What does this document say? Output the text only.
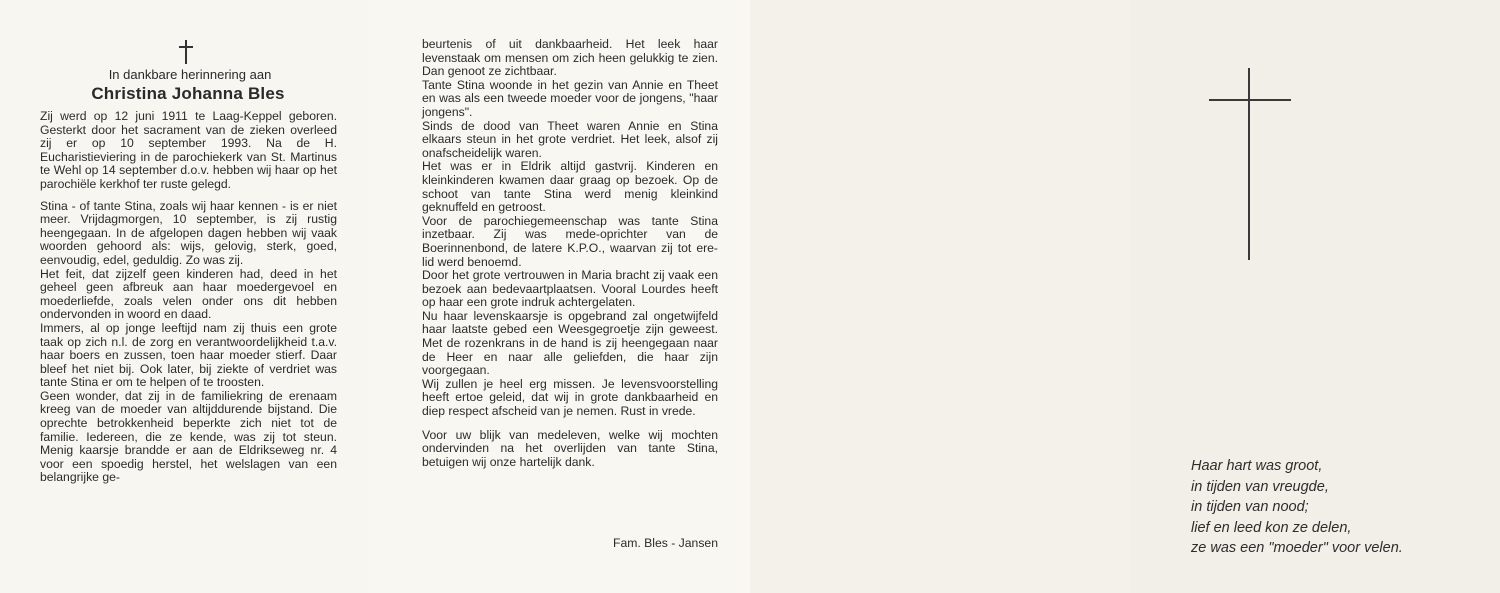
In dankbare herinnering aan
Christina Johanna Bles

Zij werd op 12 juni 1911 te Laag-Keppel geboren. Gesterkt door het sacrament van de zieken overleed zij er op 10 september 1993. Na de H. Eucharistieviering in de parochiekerk van St. Martinus te Wehl op 14 september d.o.v. hebben wij haar op het parochiële kerkhof ter ruste gelegd.

Stina - of tante Stina, zoals wij haar kennen - is er niet meer. Vrijdagmorgen, 10 september, is zij rustig heengegaan. In de afgelopen dagen hebben wij vaak woorden gehoord als: wijs, gelovig, sterk, goed, eenvoudig, edel, geduldig. Zo was zij.

Het feit, dat zijzelf geen kinderen had, deed in het geheel geen afbreuk aan haar moedergevoel en moederliefde, zoals velen onder ons dit hebben ondervonden in woord en daad.

Immers, al op jonge leeftijd nam zij thuis een grote taak op zich n.l. de zorg en verantwoordelijkheid t.a.v. haar boers en zussen, toen haar moeder stierf. Daar bleef het niet bij. Ook later, bij ziekte of verdriet was tante Stina er om te helpen of te troosten.

Geen wonder, dat zij in de familiekring de erenaam kreeg van de moeder van altijddurende bijstand. Die oprechte betrokkenheid beperkte zich niet tot de familie. Iedereen, die ze kende, was zij tot steun. Menig kaarsje brandde er aan de Eldrikseweg nr. 4 voor een spoedig herstel, het welslagen van een belangrijke ge-

beurtenis of uit dankbaarheid. Het leek haar levenstaak om mensen om zich heen gelukkig te zien. Dan genoot ze zichtbaar.

Tante Stina woonde in het gezin van Annie en Theet en was als een tweede moeder voor de jongens, "haar jongens".

Sinds de dood van Theet waren Annie en Stina elkaars steun in het grote verdriet. Het leek, alsof zij onafscheidelijk waren.

Het was er in Eldrik altijd gastvrij. Kinderen en kleinkinderen kwamen daar graag op bezoek. Op de schoot van tante Stina werd menig kleinkind geknuffeld en getroost.

Voor de parochiegemeenschap was tante Stina inzetbaar. Zij was mede-oprichter van de Boerinnenbond, de latere K.P.O., waarvan zij tot ere-lid werd benoemd.

Door het grote vertrouwen in Maria bracht zij vaak een bezoek aan bedevaartplaatsen. Vooral Lourdes heeft op haar een grote indruk achtergelaten.

Nu haar levenskaarsje is opgebrand zal ongetwijfeld haar laatste gebed een Weesgegroetje zijn geweest. Met de rozenkrans in de hand is zij heengegaan naar de Heer en naar alle geliefden, die haar zijn voorgegaan.

Wij zullen je heel erg missen. Je levensvoorstelling heeft ertoe geleid, dat wij in grote dankbaarheid en diep respect afscheid van je nemen. Rust in vrede.

Voor uw blijk van medeleven, welke wij mochten ondervinden na het overlijden van tante Stina, betuigen wij onze hartelijk dank.

Fam. Bles - Jansen
Haar hart was groot,
in tijden van vreugde,
in tijden van nood;
lief en leed kon ze delen,
ze was een "moeder" voor velen.
